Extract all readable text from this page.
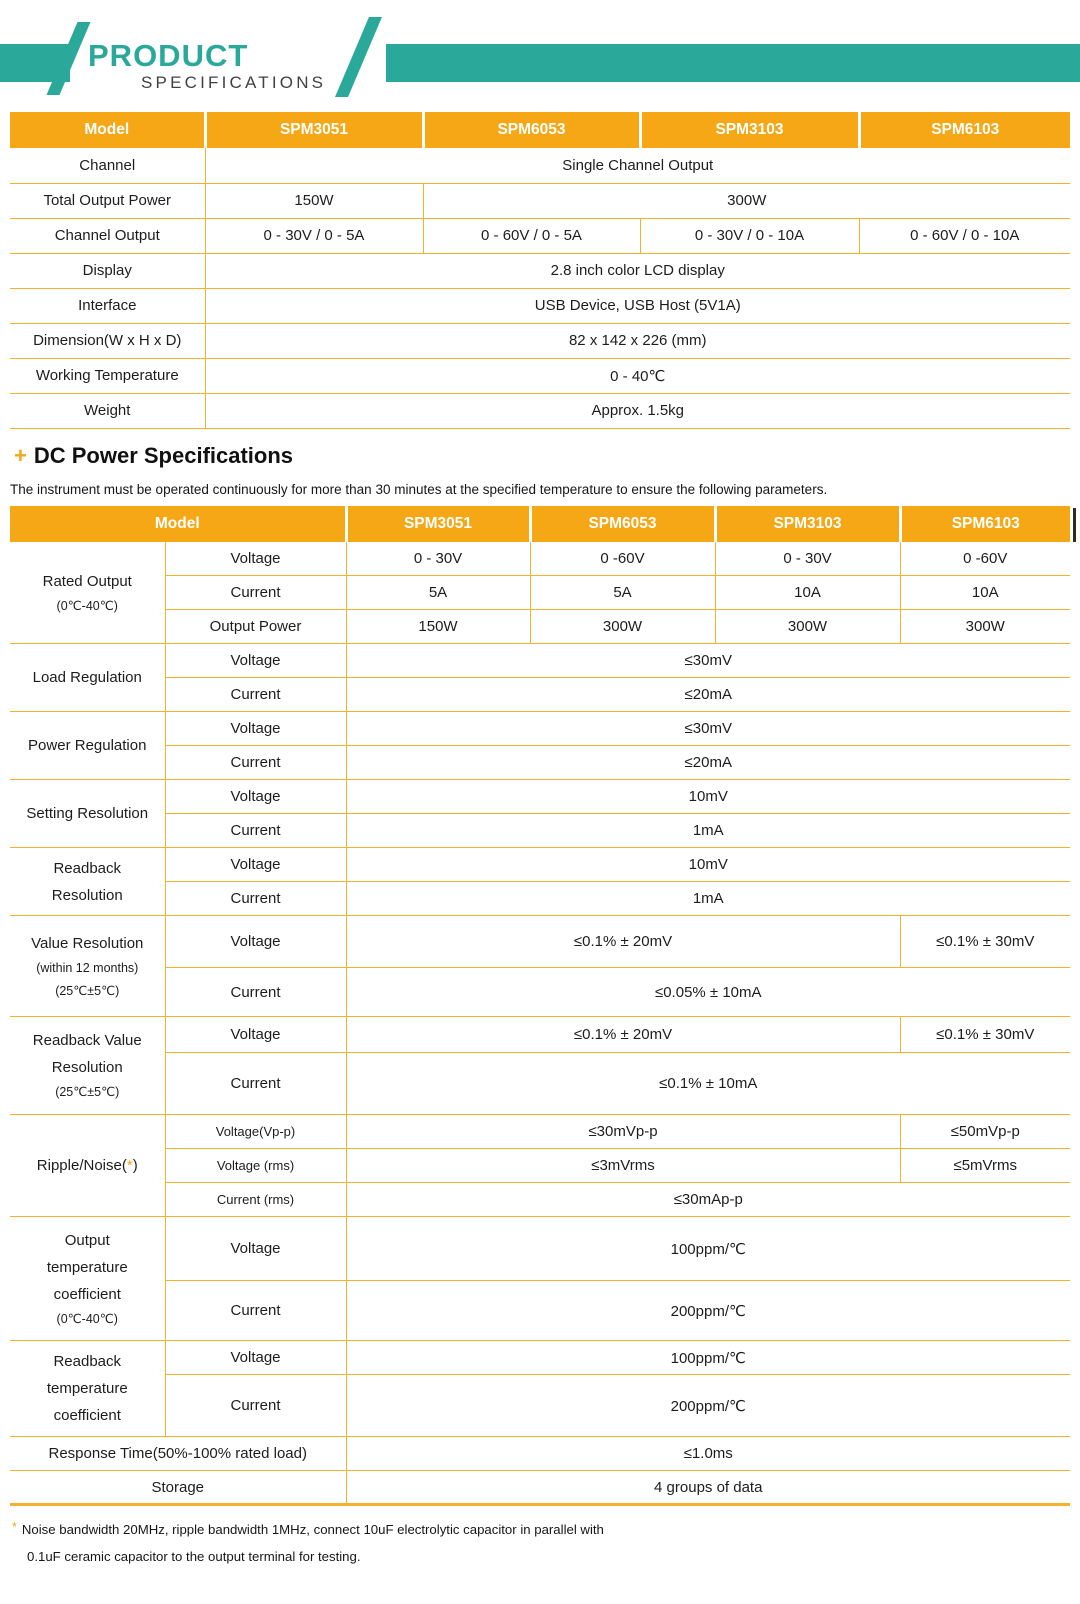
PRODUCT
SPECIFICATIONS
Model	SPM3051	SPM6053	SPM3103	SPM6103
Channel	Single Channel Output			
Total Output Power	150W	300W		
Channel Output	0 - 30V / 0 - 5A	0 - 60V / 0 - 5A	0 - 30V / 0 - 10A	0 - 60V / 0 - 10A
Display	2.8 inch color LCD display			
Interface	USB Device, USB Host (5V1A)			
Dimension(W x H x D)	82 x 142 x 226 (mm)			
Working Temperature	0 - 40℃			
Weight	Approx. 1.5kg			
+ DC Power Specifications
The instrument must be operated continuously for more than 30 minutes at the specified temperature to ensure the following parameters.
Model		SPM3051	SPM6053	SPM3103	SPM6103

Rated Output
(0℃-40℃)	Voltage	0 - 30V	0 -60V	0 - 30V	0 -60V
	Current	5A	5A	10A	10A
	Output Power	150W	300W	300W	300W
Load Regulation	Voltage	≤30mV			
	Current	≤20mA			
Power Regulation	Voltage	≤30mV			
	Current	≤20mA			
Setting Resolution	Voltage	10mV			
	Current	1mA			

Readback
Resolution	Voltage	10mV			
	Current	1mA			

Value Resolution
(within 12 months)
(25℃±5℃)	Voltage	≤0.1% ± 20mV			≤0.1% ± 30mV
	Current	≤0.05% ± 10mA			

Readback Value
Resolution
(25℃±5℃)	Voltage	≤0.1% ± 20mV			≤0.1% ± 30mV
	Current	≤0.1% ± 10mA			
Ripple/Noise(*)	Voltage(Vp-p)	≤30mVp-p			≤50mVp-p
	Voltage (rms)	≤3mVrms			≤5mVrms
	Current (rms)	≤30mAp-p			

Output
temperature
coefficient
(0℃-40℃)	Voltage	100ppm/℃			
	Current	200ppm/℃			

Readback
temperature
coefficient	Voltage	100ppm/℃			
	Current	200ppm/℃			
Response Time(50%-100% rated load)		≤1.0ms			
Storage		4 groups of data			
* Noise bandwidth 20MHz, ripple bandwidth 1MHz, connect 10uF electrolytic capacitor in parallel with
0.1uF ceramic capacitor to the output terminal for testing.
